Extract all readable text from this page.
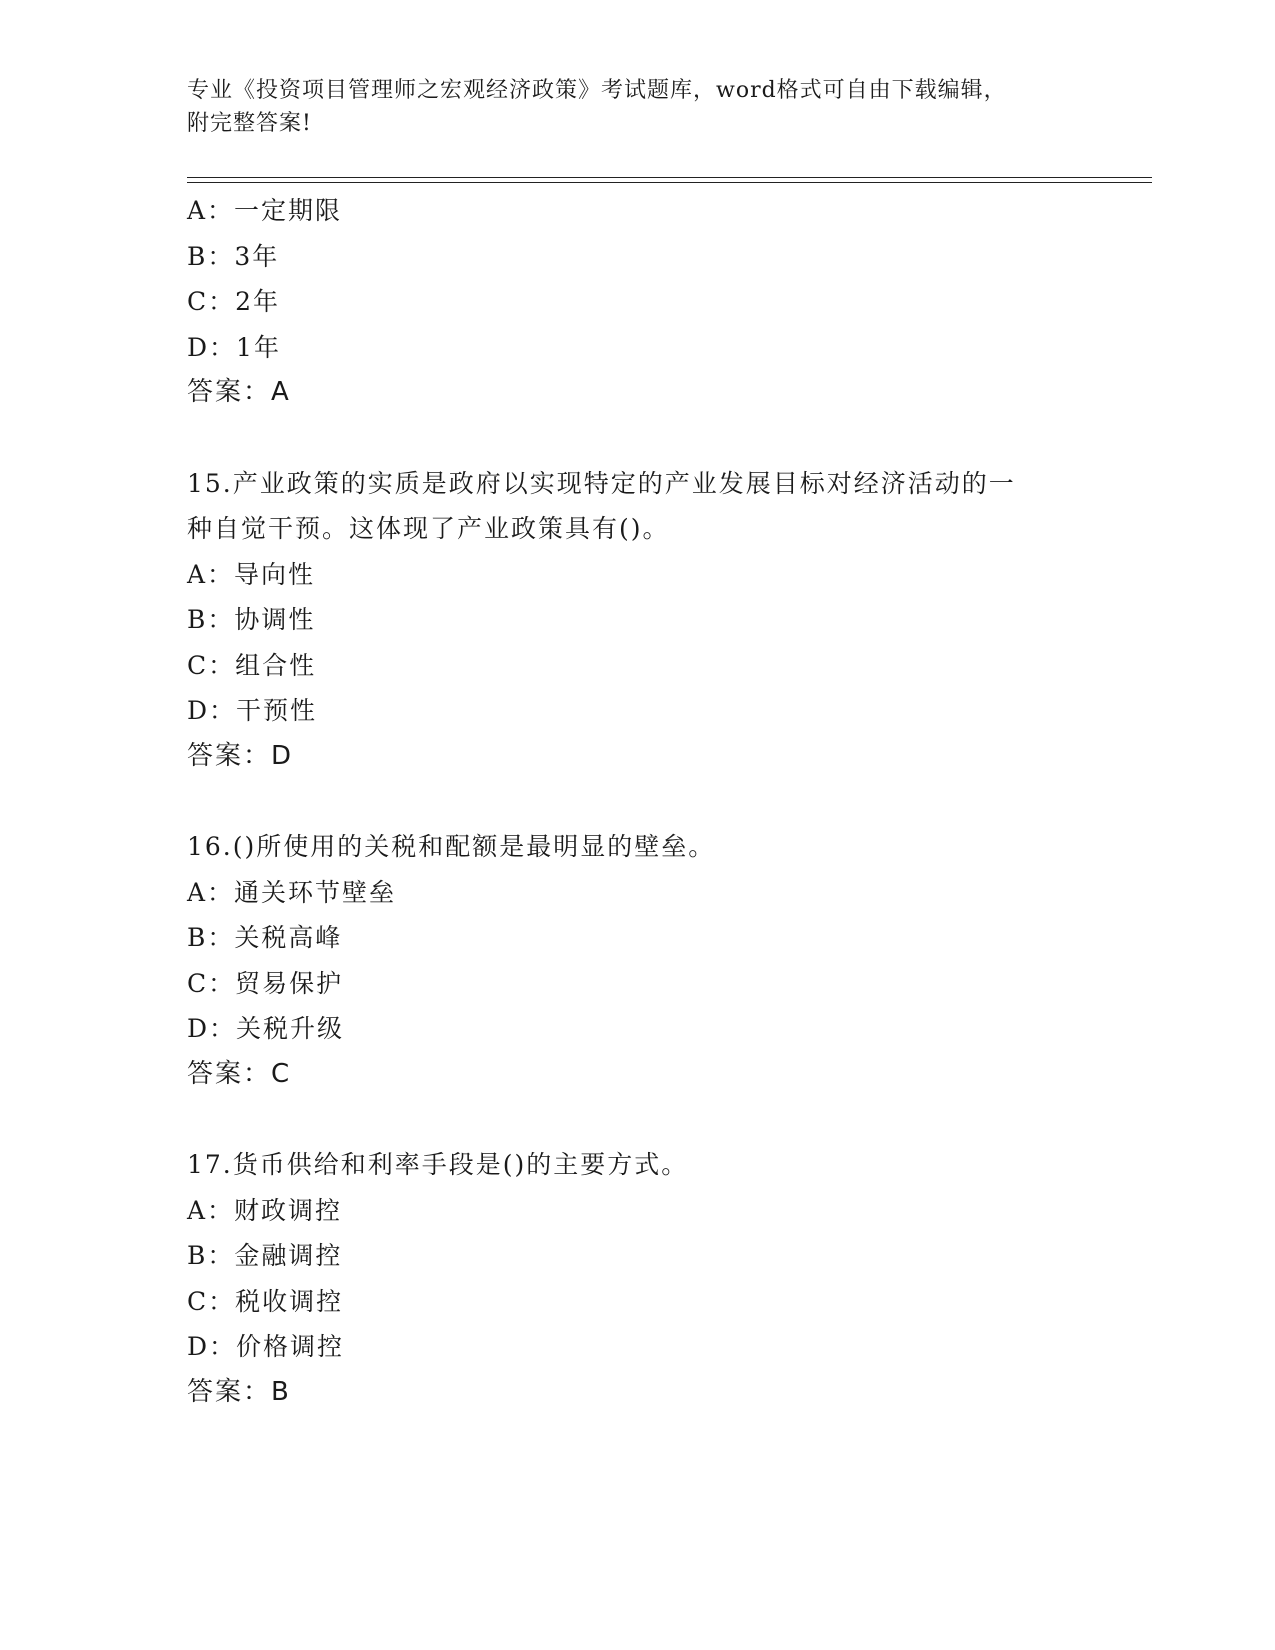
专业《投资项目管理师之宏观经济政策》考试题库，word格式可自由下载编辑，
附完整答案!
A：一定期限
B：3年
C：2年
D：1年
答案：A
15.产业政策的实质是政府以实现特定的产业发展目标对经济活动的一
种自觉干预。这体现了产业政策具有()。
A：导向性
B：协调性
C：组合性
D：干预性
答案：D
16.()所使用的关税和配额是最明显的壁垒。
A：通关环节壁垒
B：关税高峰
C：贸易保护
D：关税升级
答案：C
17.货币供给和利率手段是()的主要方式。
A：财政调控
B：金融调控
C：税收调控
D：价格调控
答案：B
